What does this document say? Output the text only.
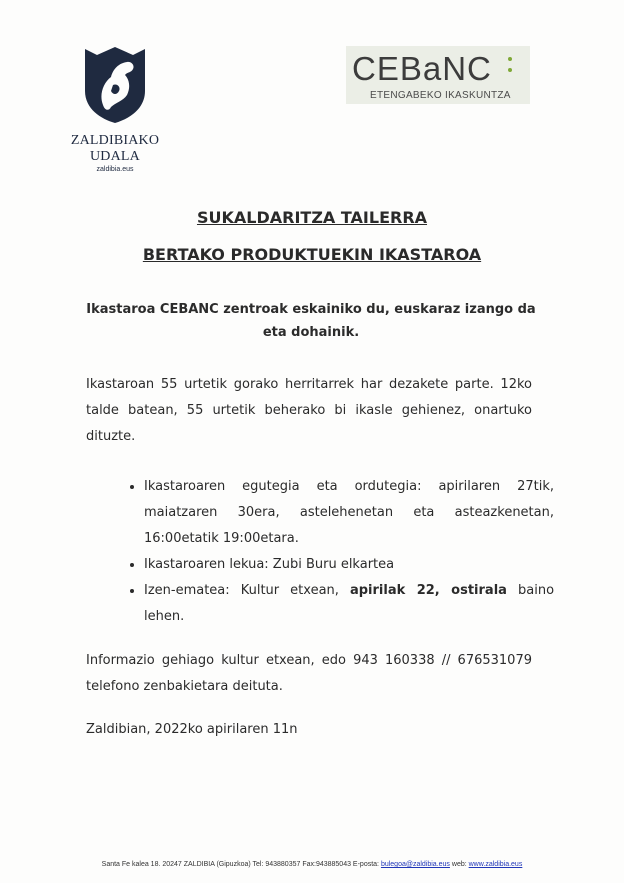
ZALDIBIAKO
UDALA
zaldibia.eus
CEBaNC
ETENGABEKO IKASKUNTZA
SUKALDARITZA TAILERRA
BERTAKO PRODUKTUEKIN IKASTAROA
Ikastaroa CEBANC zentroak eskainiko du, euskaraz izango da eta dohainik.
Ikastaroan 55 urtetik gorako herritarrek har dezakete parte. 12ko talde batean, 55 urtetik beherako bi ikasle gehienez, onartuko dituzte.
• Ikastaroaren egutegia eta ordutegia: apirilaren 27tik, maiatzaren 30era, astelehenetan eta asteazkenetan, 16:00etatik 19:00etara.
• Ikastaroaren lekua: Zubi Buru elkartea
• Izen-ematea: Kultur etxean, apirilak 22, ostirala baino lehen.
Informazio gehiago kultur etxean, edo 943 160338 // 676531079 telefono zenbakietara deituta.
Zaldibian, 2022ko apirilaren 11n
Santa Fe kalea 18. 20247 ZALDIBIA (Gipuzkoa) Tel: 943880357 Fax:943885043 E-posta: bulegoa@zaldibia.eus web: www.zaldibia.eus
